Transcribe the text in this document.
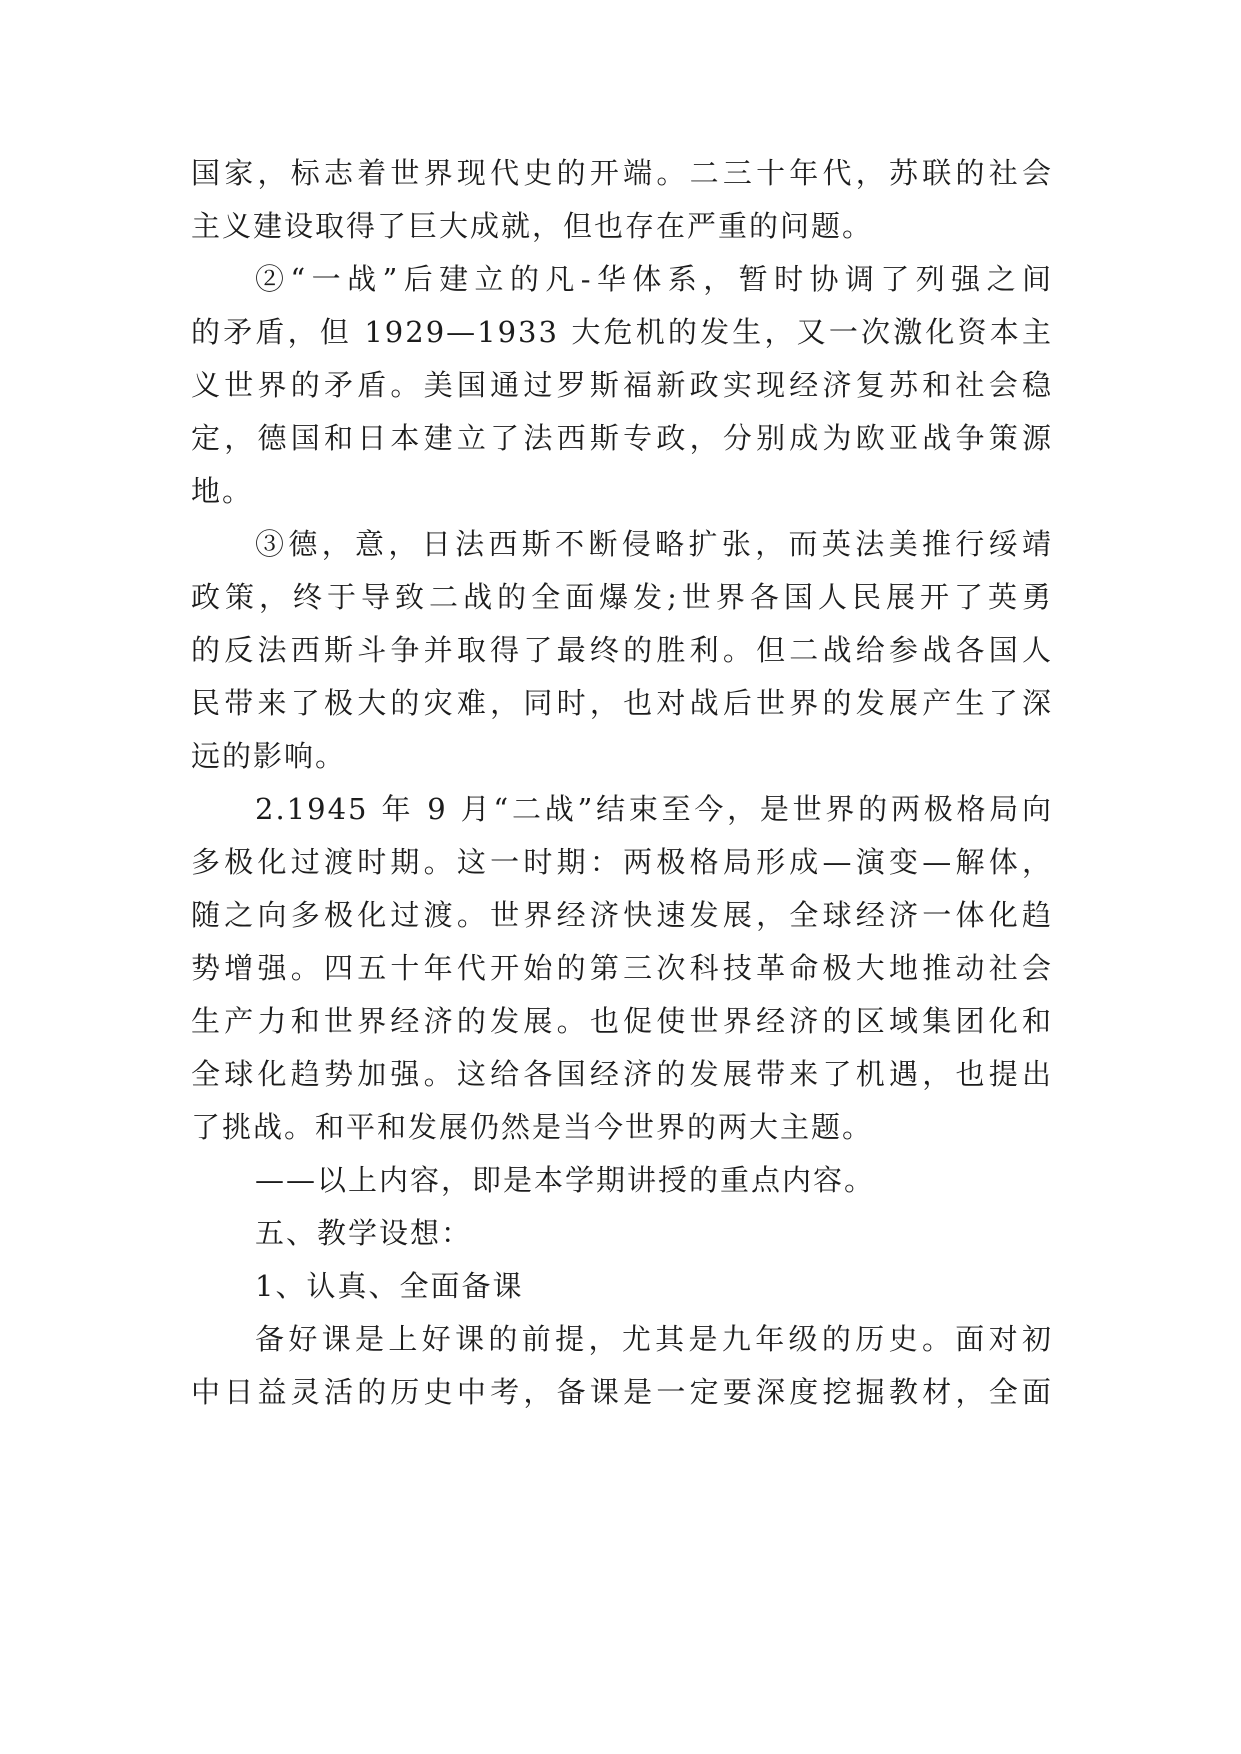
国家，标志着世界现代史的开端。二三十年代，苏联的社会
主义建设取得了巨大成就，但也存在严重的问题。
②“一战”后建立的凡-华体系，暂时协调了列强之间
的矛盾，但 1929—1933 大危机的发生，又一次激化资本主
义世界的矛盾。美国通过罗斯福新政实现经济复苏和社会稳
定，德国和日本建立了法西斯专政，分别成为欧亚战争策源
地。
③德，意，日法西斯不断侵略扩张，而英法美推行绥靖
政策，终于导致二战的全面爆发;世界各国人民展开了英勇
的反法西斯斗争并取得了最终的胜利。但二战给参战各国人
民带来了极大的灾难，同时，也对战后世界的发展产生了深
远的影响。
2.1945 年 9 月“二战”结束至今，是世界的两极格局向
多极化过渡时期。这一时期：两极格局形成—演变—解体，
随之向多极化过渡。世界经济快速发展，全球经济一体化趋
势增强。四五十年代开始的第三次科技革命极大地推动社会
生产力和世界经济的发展。也促使世界经济的区域集团化和
全球化趋势加强。这给各国经济的发展带来了机遇，也提出
了挑战。和平和发展仍然是当今世界的两大主题。
——以上内容，即是本学期讲授的重点内容。
五、教学设想：
1、认真、全面备课
备好课是上好课的前提，尤其是九年级的历史。面对初
中日益灵活的历史中考，备课是一定要深度挖掘教材，全面
